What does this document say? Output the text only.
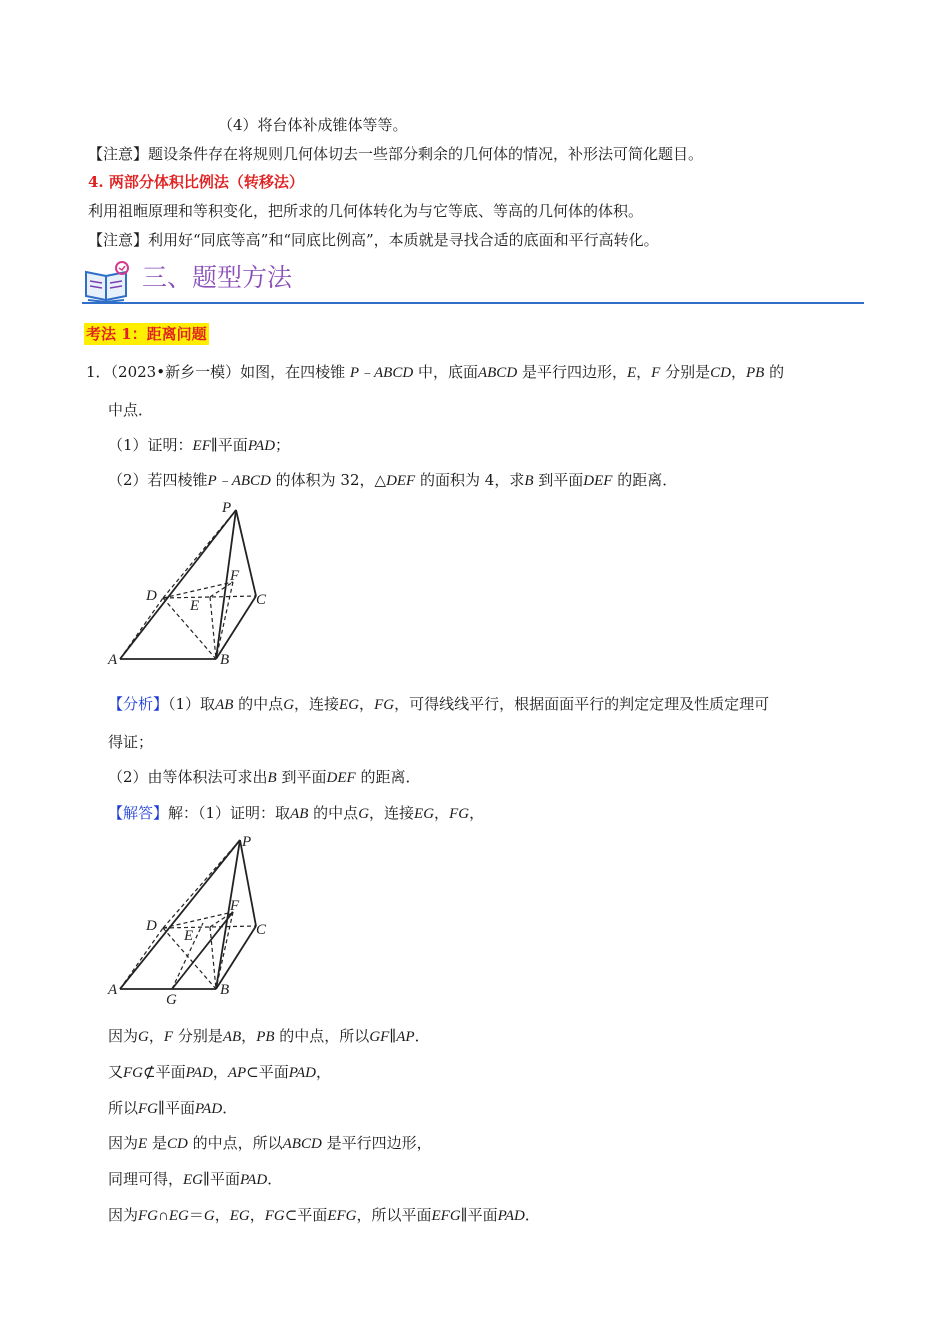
（4）将台体补成锥体等等。
【注意】题设条件存在将规则几何体切去一些部分剩余的几何体的情况，补形法可简化题目。
4. 两部分体积比例法（转移法）
利用祖暅原理和等积变化，把所求的几何体转化为与它等底、等高的几何体的体积。
【注意】利用好“同底等高”和“同底比例高”，本质就是寻找合适的底面和平行高转化。
三、题型方法
考法 1：距离问题
1．（2023•新乡一模）如图，在四棱锥 P﹣ABCD 中，底面ABCD 是平行四边形，E，F 分别是CD，PB 的
中点．
（1）证明：EF∥平面PAD；
（2）若四棱锥P﹣ABCD 的体积为 32，△DEF 的面积为 4，求B 到平面DEF 的距离．
P
F
D	C
E
A	B
【分析】（1）取AB 的中点G，连接EG，FG，可得线线平行，根据面面平行的判定定理及性质定理可
得证；
（2）由等体积法可求出B 到平面DEF 的距离．
【解答】解：（1）证明：取AB 的中点G，连接EG，FG，
P
F
D	C
E
A
G
B
因为G，F 分别是AB，PB 的中点，所以GF∥AP．
又FG⊄平面PAD，AP⊂平面PAD，
所以FG∥平面PAD．
因为E 是CD 的中点，所以ABCD 是平行四边形，
同理可得，EG∥平面PAD．
因为FG∩EG＝G，EG，FG⊂平面EFG，所以平面EFG∥平面PAD．
